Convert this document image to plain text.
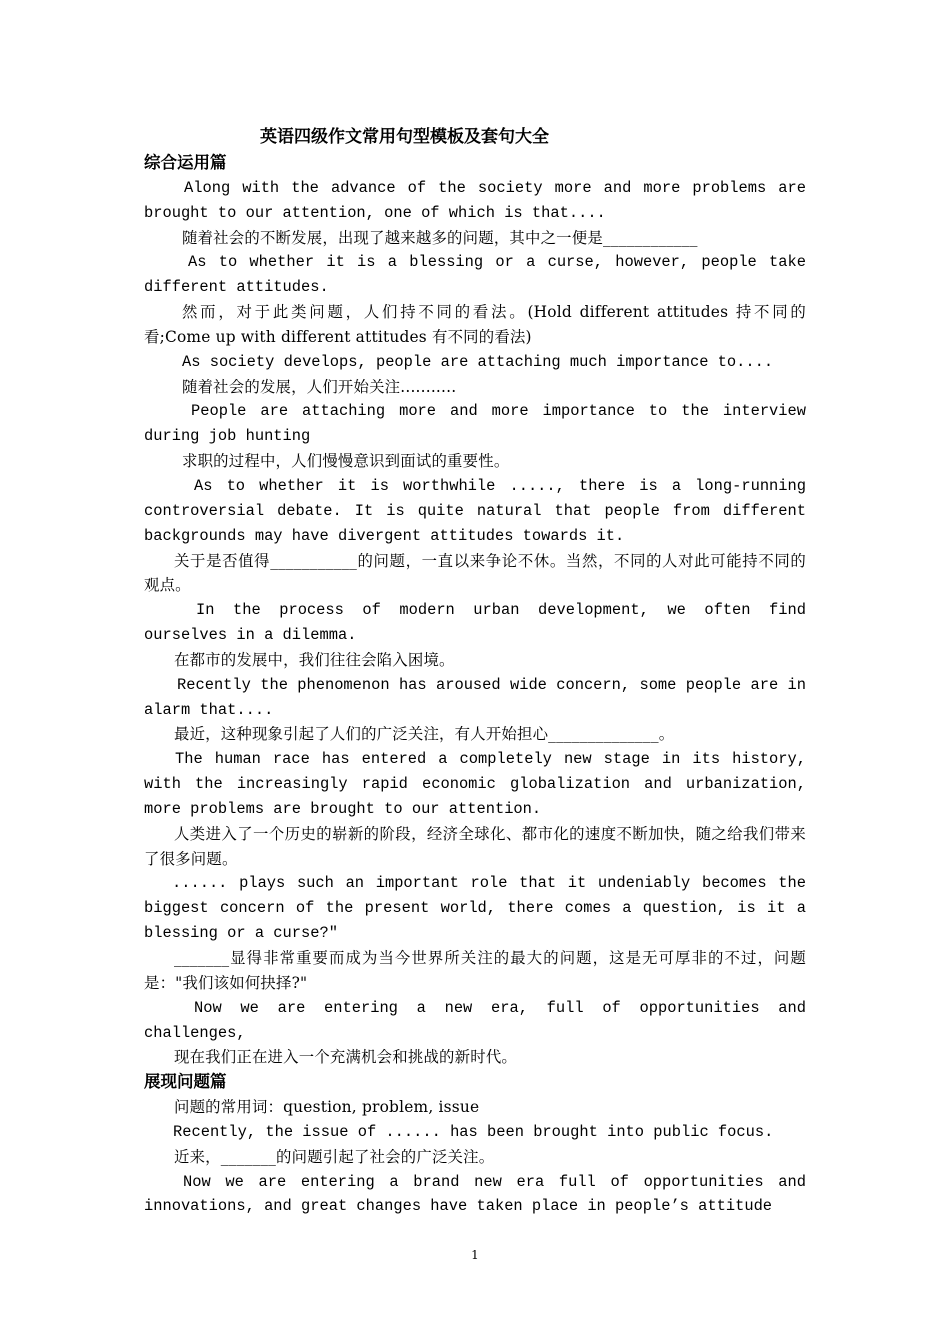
英语四级作文常用句型模板及套句大全
综合运用篇

Along with the advance of the society more and more problems are brought to our attention, one of which is that....

随着社会的不断发展，出现了越来越多的问题，其中之一便是____________

As to whether it is a blessing or a curse, however, people take different attitudes.

然而，对于此类问题，人们持不同的看法。(Hold different attitudes 持不同的看;Come up with different attitudes 有不同的看法)

As society develops, people are attaching much importance to....

随着社会的发展，人们开始关注...........

People are attaching more and more importance to the interview during job hunting

求职的过程中，人们慢慢意识到面试的重要性。

As to whether it is worthwhile ....., there is a long-running controversial debate. It is quite natural that people from different backgrounds may have divergent attitudes towards it.

关于是否值得___________的问题，一直以来争论不休。当然，不同的人对此可能持不同的观点。

In the process of modern urban development, we often find ourselves in a dilemma.

在都市的发展中，我们往往会陷入困境。

Recently the phenomenon has aroused wide concern, some people are in alarm that....

最近，这种现象引起了人们的广泛关注，有人开始担心______________。

The human race has entered a completely new stage in its history, with the increasingly rapid economic globalization and urbanization, more problems are brought to our attention.

人类进入了一个历史的崭新的阶段，经济全球化、都市化的速度不断加快，随之给我们带来了很多问题。

...... plays such an important role that it undeniably becomes the biggest concern of the present world, there comes a question, is it a blessing or a curse?"

_______显得非常重要而成为当今世界所关注的最大的问题，这是无可厚非的不过，问题是："我们该如何抉择?"

Now we are entering a new era, full of opportunities and challenges,

现在我们正在进入一个充满机会和挑战的新时代。

展现问题篇

问题的常用词：question, problem, issue

Recently, the issue of ...... has been brought into public focus.

近来，_______的问题引起了社会的广泛关注。

Now we are entering a brand new era full of opportunities and innovations, and great changes have taken place in people’s attitude

1
